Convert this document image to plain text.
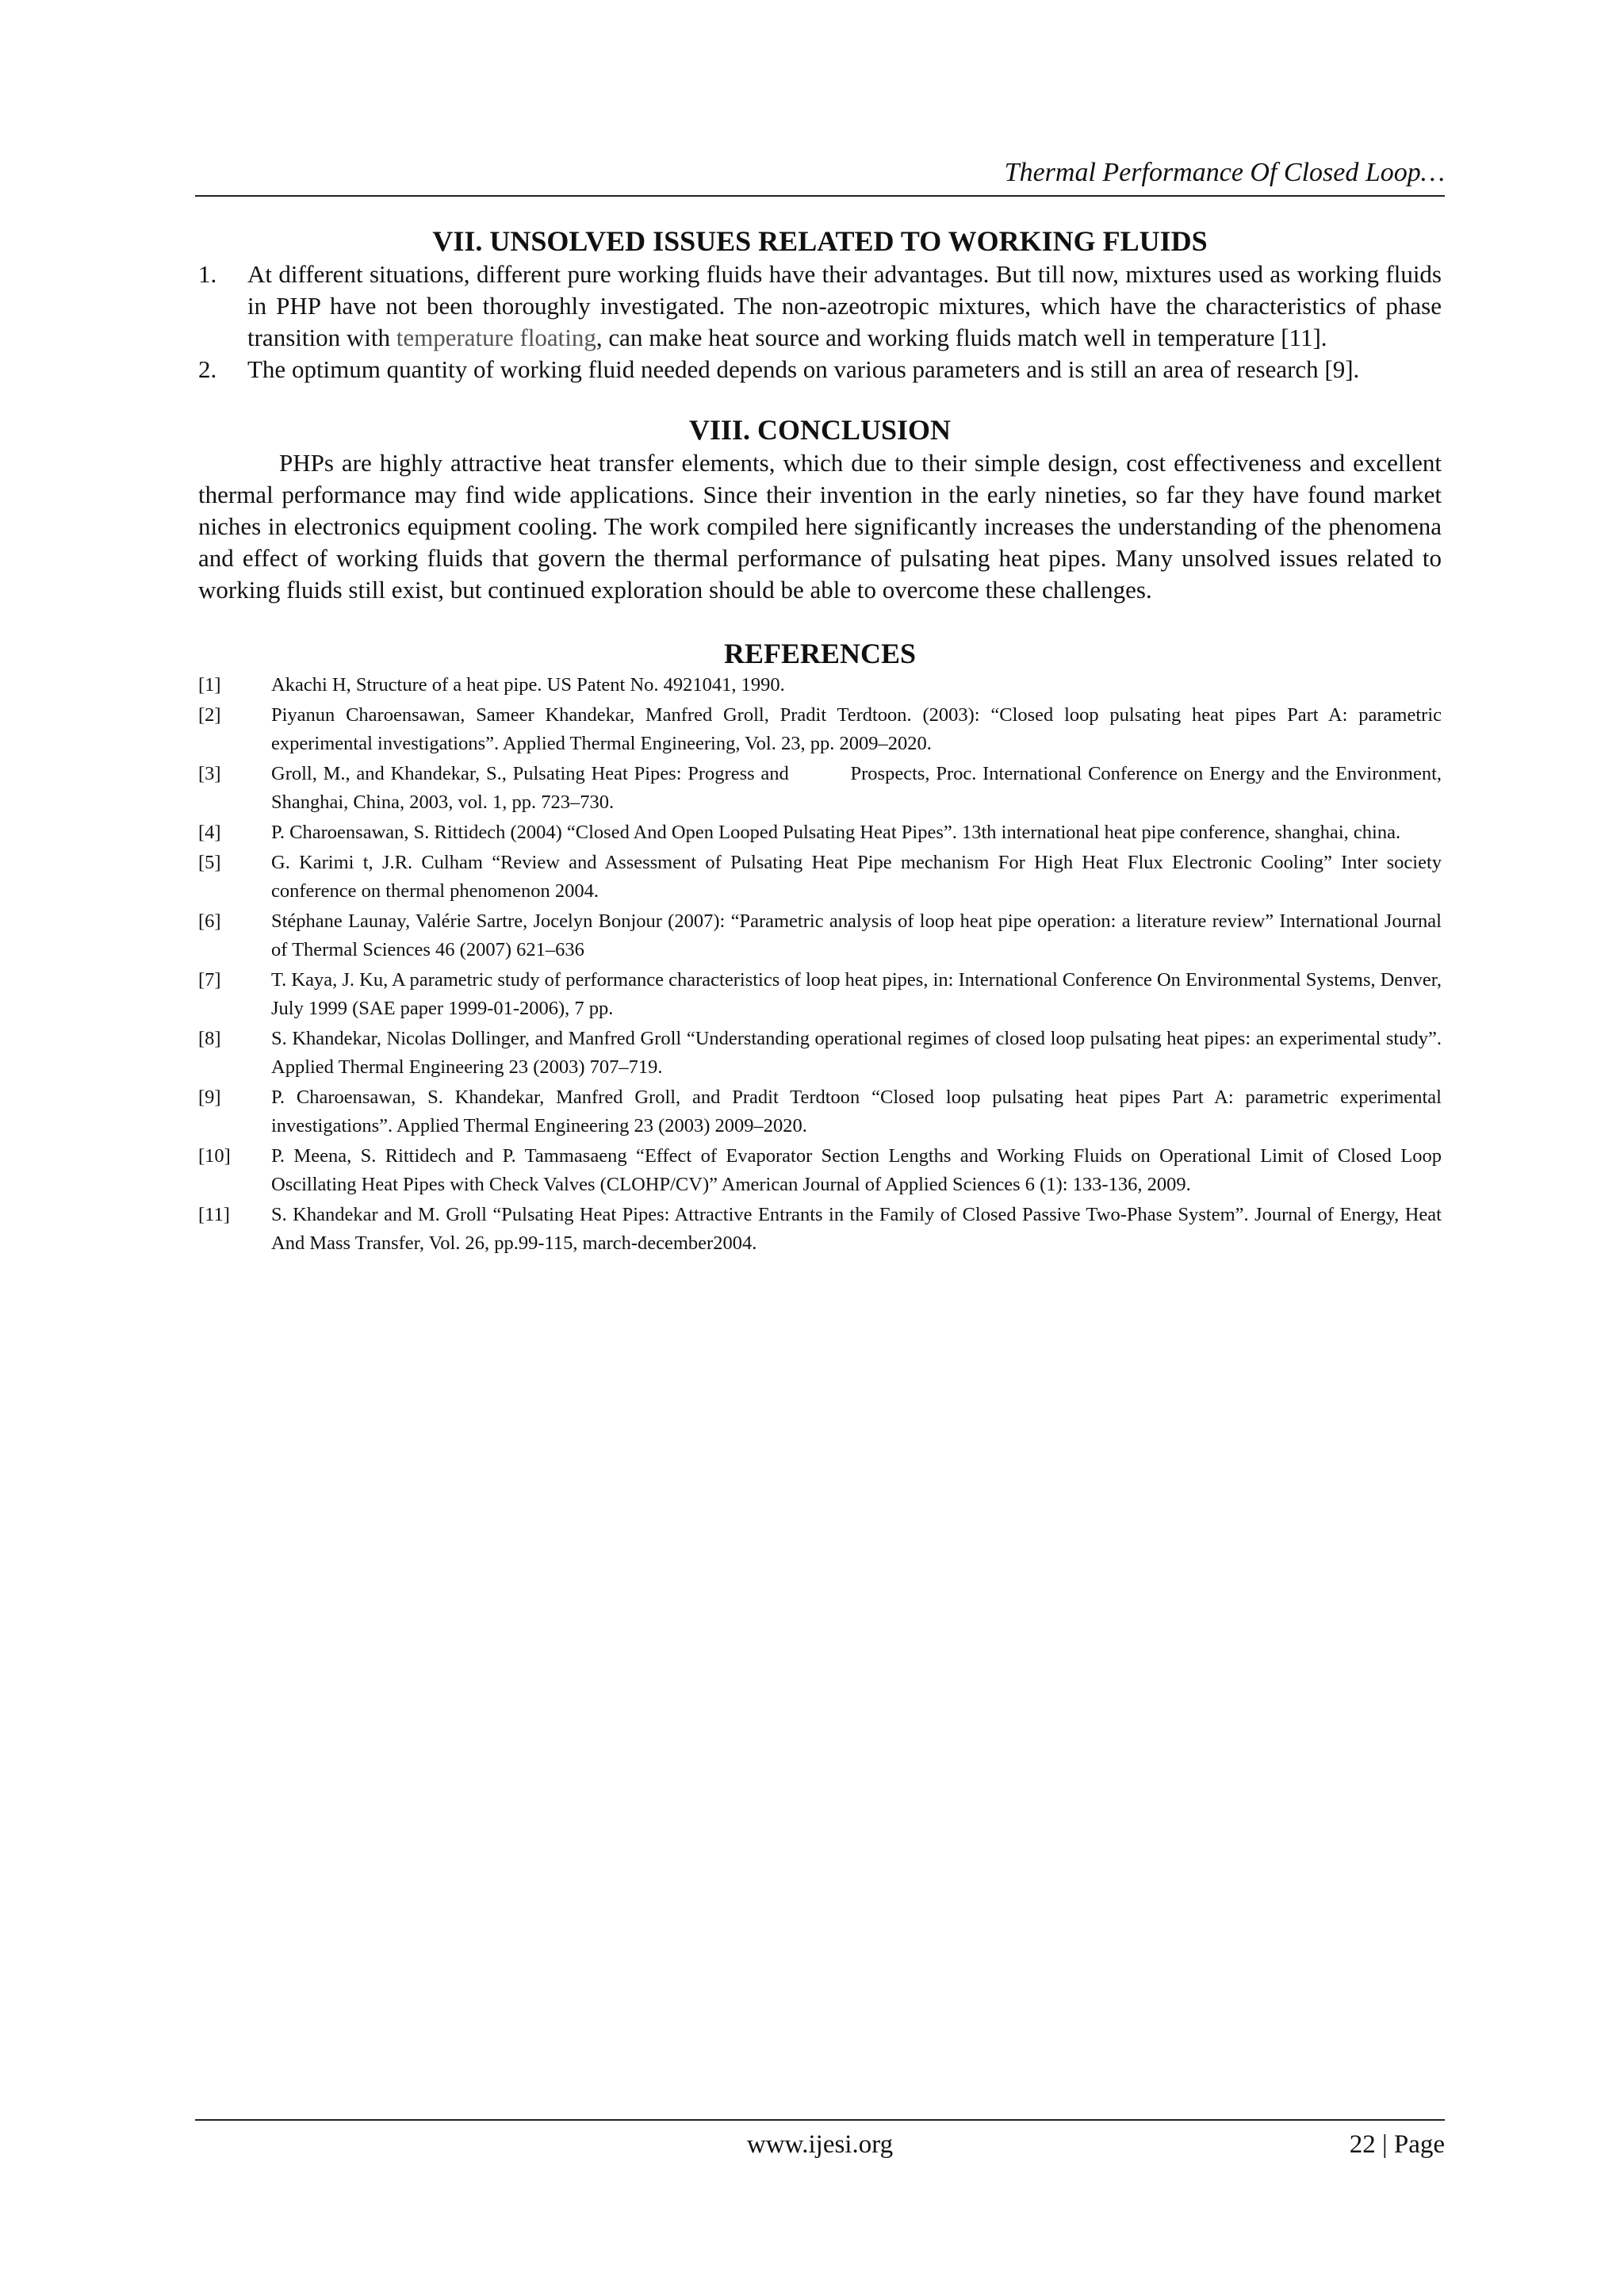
Thermal Performance Of Closed Loop…
VII. UNSOLVED ISSUES RELATED TO WORKING FLUIDS
1. At different situations, different pure working fluids have their advantages. But till now, mixtures used as working fluids in PHP have not been thoroughly investigated. The non-azeotropic mixtures, which have the characteristics of phase transition with temperature floating, can make heat source and working fluids match well in temperature [11].
2. The optimum quantity of working fluid needed depends on various parameters and is still an area of research [9].
VIII. CONCLUSION

PHPs are highly attractive heat transfer elements, which due to their simple design, cost effectiveness and excellent thermal performance may find wide applications. Since their invention in the early nineties, so far they have found market niches in electronics equipment cooling. The work compiled here significantly increases the understanding of the phenomena and effect of working fluids that govern the thermal performance of pulsating heat pipes. Many unsolved issues related to working fluids still exist, but continued exploration should be able to overcome these challenges.

REFERENCES
[1]	Akachi H, Structure of a heat pipe. US Patent No. 4921041, 1990.
[2]	Piyanun Charoensawan, Sameer Khandekar, Manfred Groll, Pradit Terdtoon. (2003): “Closed loop pulsating heat pipes Part A: parametric experimental investigations”. Applied Thermal Engineering, Vol. 23, pp. 2009–2020.
[3]	Groll, M., and Khandekar, S., Pulsating Heat Pipes: Progress and          Prospects, Proc. International Conference on Energy and the Environment, Shanghai, China, 2003, vol. 1, pp. 723–730.
[4]	P. Charoensawan, S. Rittidech (2004) “Closed And Open Looped Pulsating Heat Pipes”. 13th international heat pipe conference, shanghai, china.
[5]	G. Karimi t, J.R. Culham “Review and Assessment of Pulsating Heat Pipe mechanism For High Heat Flux Electronic Cooling” Inter society conference on thermal phenomenon 2004.
[6]	Stéphane Launay, Valérie Sartre, Jocelyn Bonjour (2007): “Parametric analysis of loop heat pipe operation: a literature review” International Journal of Thermal Sciences 46 (2007) 621–636
[7]	T. Kaya, J. Ku, A parametric study of performance characteristics of loop heat pipes, in: International Conference On Environmental Systems, Denver, July 1999 (SAE paper 1999-01-2006), 7 pp.
[8]	S. Khandekar, Nicolas Dollinger, and Manfred Groll “Understanding operational regimes of closed loop pulsating heat pipes: an experimental study”. Applied Thermal Engineering 23 (2003) 707–719.
[9]	P. Charoensawan, S. Khandekar, Manfred Groll, and Pradit Terdtoon “Closed loop pulsating heat pipes Part A: parametric experimental investigations”. Applied Thermal Engineering 23 (2003) 2009–2020.
[10] P. Meena, S. Rittidech and P. Tammasaeng “Effect of Evaporator Section Lengths and Working Fluids on Operational Limit of Closed Loop Oscillating Heat Pipes with Check Valves (CLOHP/CV)” American Journal of Applied Sciences 6 (1): 133-136, 2009.
[11] S. Khandekar and M. Groll “Pulsating Heat Pipes: Attractive Entrants in the Family of Closed Passive Two-Phase System”. Journal of Energy, Heat And Mass Transfer, Vol. 26, pp.99-115, march-december2004.
www.ijesi.org	22 | Page
